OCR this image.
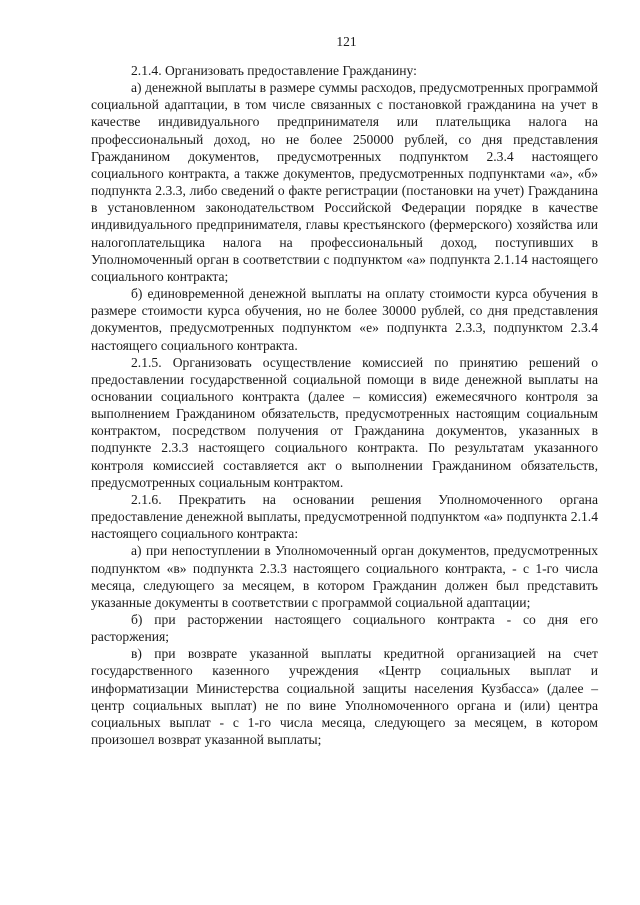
121

2.1.4. Организовать предоставление Гражданину:

а) денежной выплаты в размере суммы расходов, предусмотренных программой социальной адаптации, в том числе связанных с постановкой гражданина на учет в качестве индивидуального предпринимателя или плательщика налога на профессиональный доход, но не более 250000 рублей, со дня представления Гражданином документов, предусмотренных подпунктом 2.3.4 настоящего социального контракта, а также документов, предусмотренных подпунктами «а», «б» подпункта 2.3.3, либо сведений о факте регистрации (постановки на учет) Гражданина в установленном законодательством Российской Федерации порядке в качестве индивидуального предпринимателя, главы крестьянского (фермерского) хозяйства или налогоплательщика налога на профессиональный доход, поступивших в Уполномоченный орган в соответствии с подпунктом «а» подпункта 2.1.14 настоящего социального контракта;

б) единовременной денежной выплаты на оплату стоимости курса обучения в размере стоимости курса обучения, но не более 30000 рублей, со дня представления документов, предусмотренных подпунктом «е» подпункта 2.3.3, подпунктом 2.3.4 настоящего социального контракта.

2.1.5. Организовать осуществление комиссией по принятию решений о предоставлении государственной социальной помощи в виде денежной выплаты на основании социального контракта (далее – комиссия) ежемесячного контроля за выполнением Гражданином обязательств, предусмотренных настоящим социальным контрактом, посредством получения от Гражданина документов, указанных в подпункте 2.3.3 настоящего социального контракта. По результатам указанного контроля комиссией составляется акт о выполнении Гражданином обязательств, предусмотренных социальным контрактом.

2.1.6. Прекратить на основании решения Уполномоченного органа предоставление денежной выплаты, предусмотренной подпунктом «а» подпункта 2.1.4 настоящего социального контракта:

а) при непоступлении в Уполномоченный орган документов, предусмотренных подпунктом «в» подпункта 2.3.3 настоящего социального контракта, - с 1-го числа месяца, следующего за месяцем, в котором Гражданин должен был представить указанные документы в соответствии с программой социальной адаптации;

б) при расторжении настоящего социального контракта - со дня его расторжения;

в) при возврате указанной выплаты кредитной организацией на счет государственного казенного учреждения «Центр социальных выплат и информатизации Министерства социальной защиты населения Кузбасса» (далее – центр социальных выплат) не по вине Уполномоченного органа и (или) центра социальных выплат - с 1-го числа месяца, следующего за месяцем, в котором произошел возврат указанной выплаты;
